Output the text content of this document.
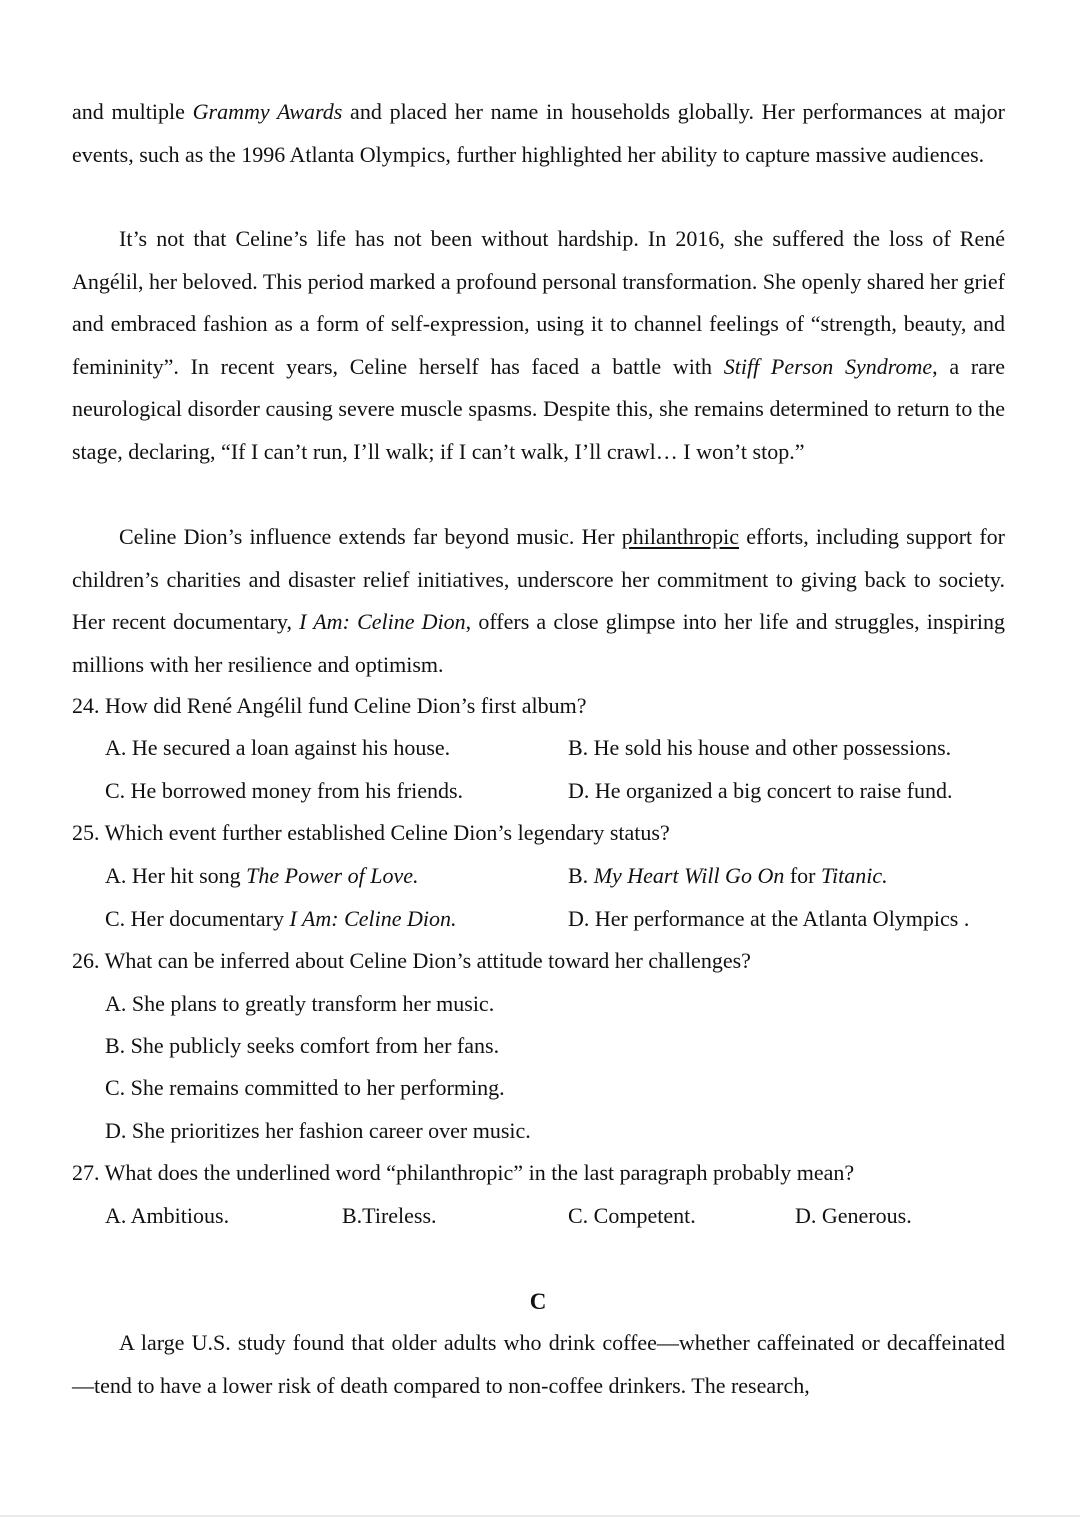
and multiple Grammy Awards and placed her name in households globally. Her performances at major events, such as the 1996 Atlanta Olympics, further highlighted her ability to capture massive audiences.

It’s not that Celine’s life has not been without hardship. In 2016, she suffered the loss of René Angélil, her beloved. This period marked a profound personal transformation. She openly shared her grief and embraced fashion as a form of self-expression, using it to channel feelings of “strength, beauty, and femininity”. In recent years, Celine herself has faced a battle with Stiff Person Syndrome, a rare neurological disorder causing severe muscle spasms. Despite this, she remains determined to return to the stage, declaring, “If I can’t run, I’ll walk; if I can’t walk, I’ll crawl… I won’t stop.”

Celine Dion’s influence extends far beyond music. Her philanthropic efforts, including support for children’s charities and disaster relief initiatives, underscore her commitment to giving back to society. Her recent documentary, I Am: Celine Dion, offers a close glimpse into her life and struggles, inspiring millions with her resilience and optimism.

24. How did René Angélil fund Celine Dion’s first album?
A. He secured a loan against his house.	B. He sold his house and other possessions.
C. He borrowed money from his friends.	D. He organized a big concert to raise fund.
25. Which event further established Celine Dion’s legendary status?
A. Her hit song The Power of Love.	B. My Heart Will Go On for Titanic.
C. Her documentary I Am: Celine Dion.	D. Her performance at the Atlanta Olympics .
26. What can be inferred about Celine Dion’s attitude toward her challenges?
A. She plans to greatly transform her music.
B. She publicly seeks comfort from her fans.
C. She remains committed to her performing.
D. She prioritizes her fashion career over music.
27. What does the underlined word “philanthropic” in the last paragraph probably mean?
A. Ambitious.	B.Tireless.	C. Competent.	D. Generous.
C

A large U.S. study found that older adults who drink coffee—whether caffeinated or decaffeinated—tend to have a lower risk of death compared to non-coffee drinkers. The research,
